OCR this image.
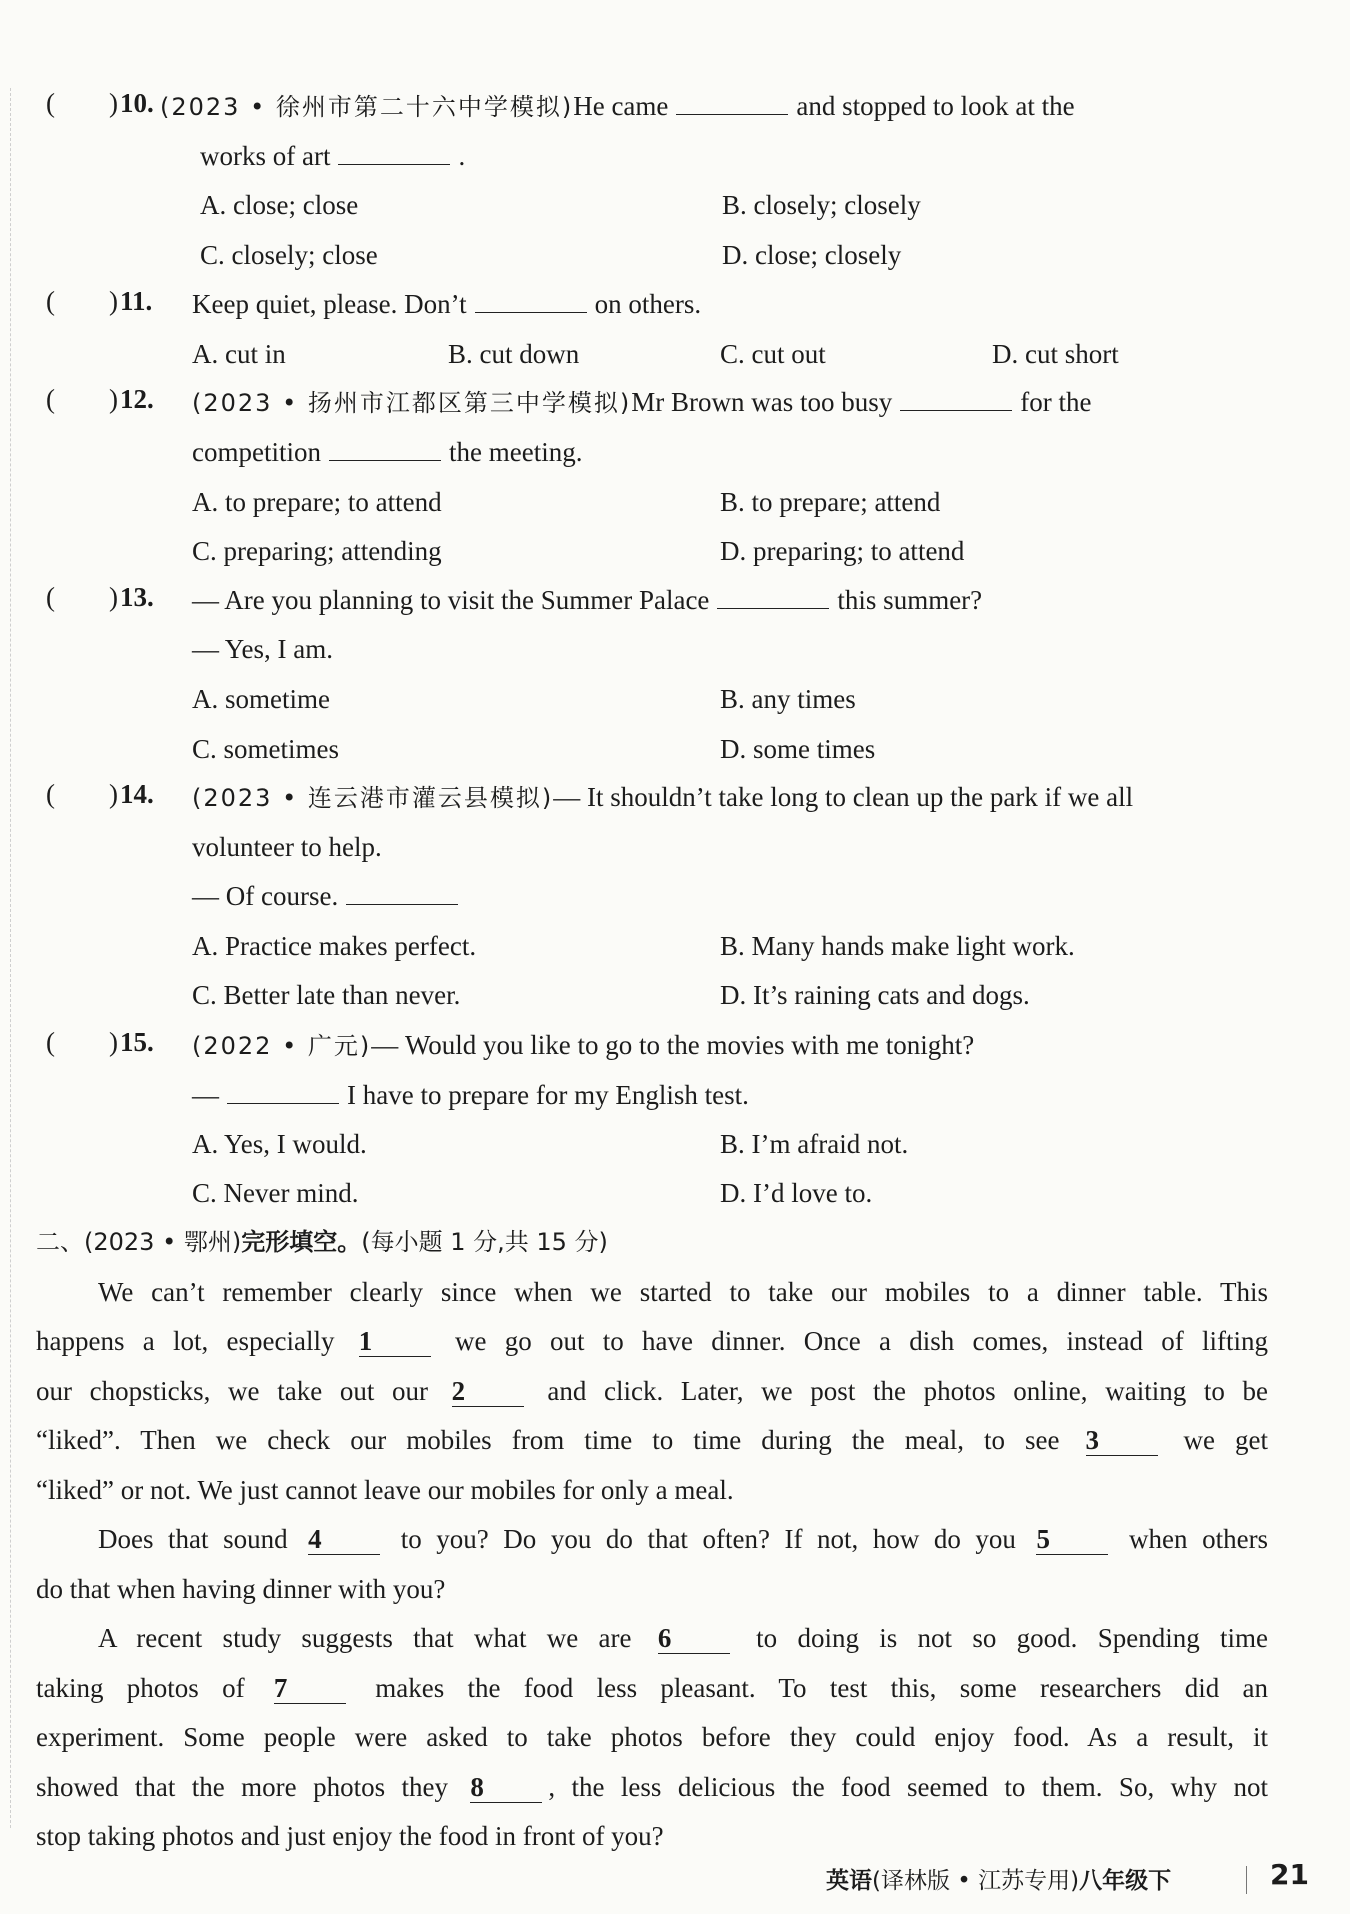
(        ) 10. (2023 • 徐州市第二十六中学模拟)He came	and stopped to look at the
works of art	.
A. close; close	B. closely; closely
C. closely; close	D. close; closely
(        ) 11. Keep quiet, please. Don’t	on others.
A. cut in	B. cut down	C. cut out	D. cut short
(        ) 12. (2023 • 扬州市江都区第三中学模拟)Mr Brown was too busy	for the
competition	the meeting.
A. to prepare; to attend	B. to prepare; attend
C. preparing; attending	D. preparing; to attend
(        ) 13. — Are you planning to visit the Summer Palace	this summer?
— Yes, I am.
A. sometime	B. any times
C. sometimes	D. some times
(        ) 14. (2023 • 连云港市灌云县模拟)— It shouldn’t take long to clean up the park if we all
volunteer to help.
— Of course.
A. Practice makes perfect.	B. Many hands make light work.
C. Better late than never.	D. It’s raining cats and dogs.
(        ) 15. (2022 • 广元)— Would you like to go to the movies with me tonight?
—	I have to prepare for my English test.
A. Yes, I would.	B. I’m afraid not.
C. Never mind.	D. I’d love to.
二、(2023 • 鄂州)完形填空。(每小题 1 分,共 15 分)
We can’t remember clearly since when we started to take our mobiles to a dinner table. This
happens a lot, especially 1	we go out to have dinner. Once a dish comes, instead of lifting
our chopsticks, we take out our 2	and click. Later, we post the photos online, waiting to be
“liked”. Then we check our mobiles from time to time during the meal, to see 3	we get
“liked” or not. We just cannot leave our mobiles for only a meal.
Does that sound 4	to you? Do you do that often? If not, how do you 5	when others
do that when having dinner with you?
A recent study suggests that what we are 6	to doing is not so good. Spending time
taking photos of 7	makes the food less pleasant. To test this, some researchers did an
experiment. Some people were asked to take photos before they could enjoy food. As a result, it
showed that the more photos they 8 , the less delicious the food seemed to them. So, why not
stop taking photos and just enjoy the food in front of you?
英语(译林版 • 江苏专用)八年级下	21
